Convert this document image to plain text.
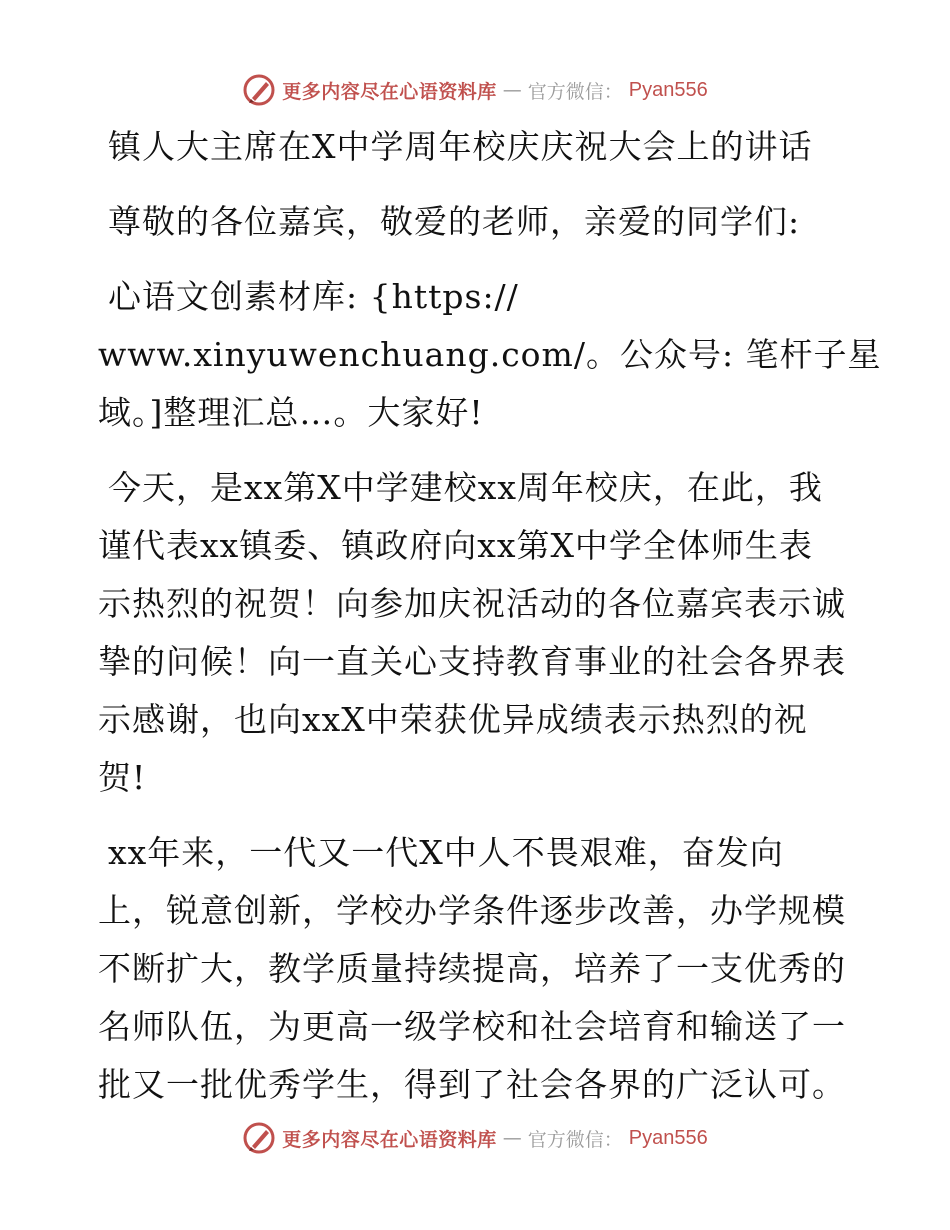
更多内容尽在心语资料库 — 官方微信： Pyan556

镇人大主席在X中学周年校庆庆祝大会上的讲话

尊敬的各位嘉宾，敬爱的老师，亲爱的同学们:

心语文创素材库: {https://

www.xinyuwenchuang.com/。公众号: 笔杆子星

域。]整理汇总…。大家好!

今天，是xx第X中学建校xx周年校庆，在此，我

谨代表xx镇委、镇政府向xx第X中学全体师生表

示热烈的祝贺！向参加庆祝活动的各位嘉宾表示诚

挚的问候！向一直关心支持教育事业的社会各界表

示感谢，也向xxX中荣获优异成绩表示热烈的祝

贺!

xx年来，一代又一代X中人不畏艰难，奋发向

上，锐意创新，学校办学条件逐步改善，办学规模

不断扩大，教学质量持续提高，培养了一支优秀的

名师队伍，为更高一级学校和社会培育和输送了一

批又一批优秀学生，得到了社会各界的广泛认可。

更多内容尽在心语资料库 — 官方微信： Pyan556
